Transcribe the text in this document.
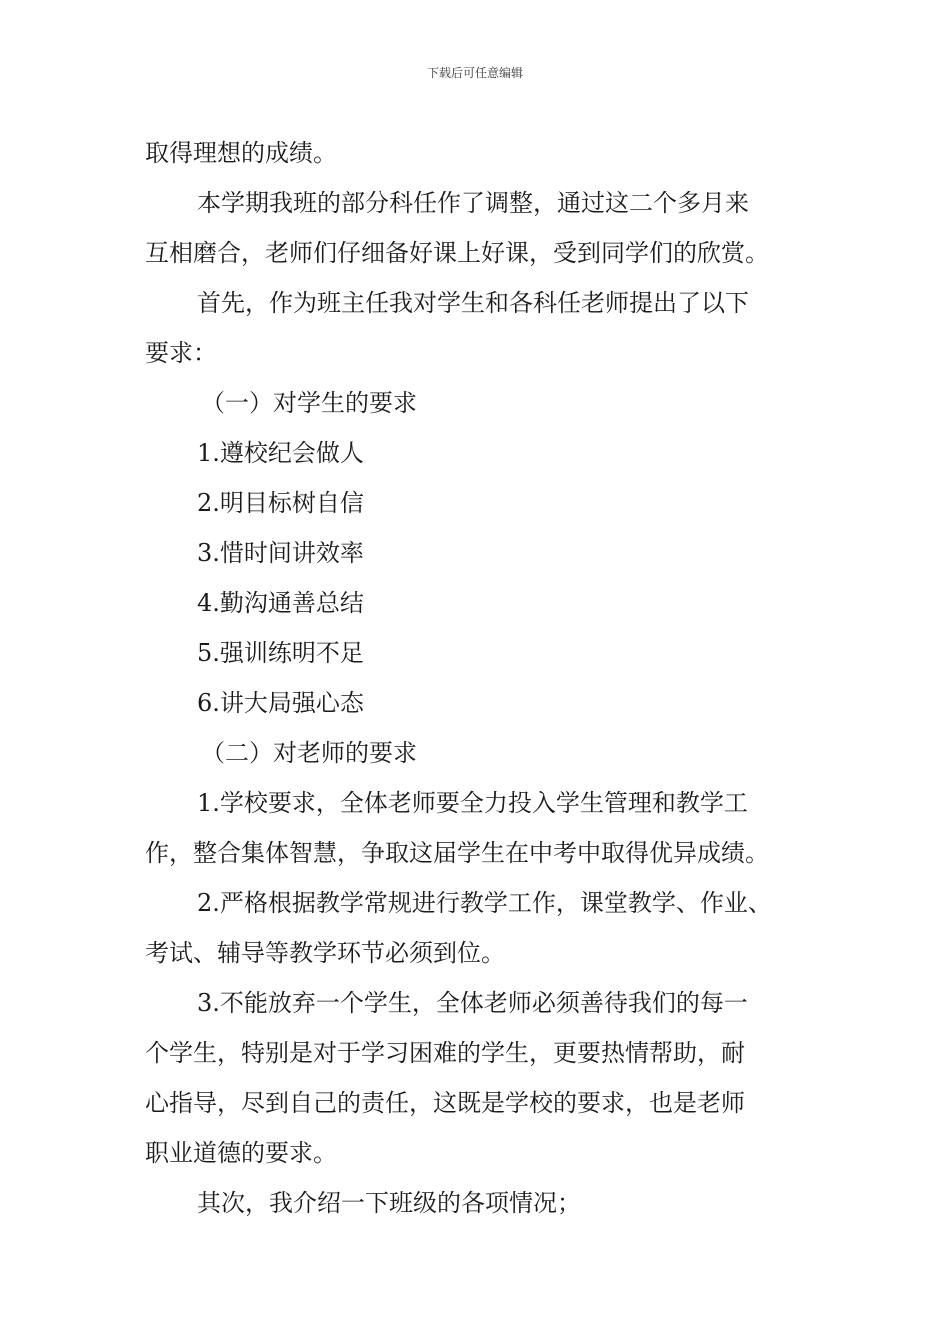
下载后可任意编辑
取得理想的成绩。
本学期我班的部分科任作了调整，通过这二个多月来
互相磨合，老师们仔细备好课上好课，受到同学们的欣赏。
首先，作为班主任我对学生和各科任老师提出了以下
要求：
（一）对学生的要求
1.遵校纪会做人
2.明目标树自信
3.惜时间讲效率
4.勤沟通善总结
5.强训练明不足
6.讲大局强心态
（二）对老师的要求
1.学校要求，全体老师要全力投入学生管理和教学工
作，整合集体智慧，争取这届学生在中考中取得优异成绩。
2.严格根据教学常规进行教学工作，课堂教学、作业、
考试、辅导等教学环节必须到位。
3.不能放弃一个学生，全体老师必须善待我们的每一
个学生，特别是对于学习困难的学生，更要热情帮助，耐
心指导，尽到自己的责任，这既是学校的要求，也是老师
职业道德的要求。
其次，我介绍一下班级的各项情况；
